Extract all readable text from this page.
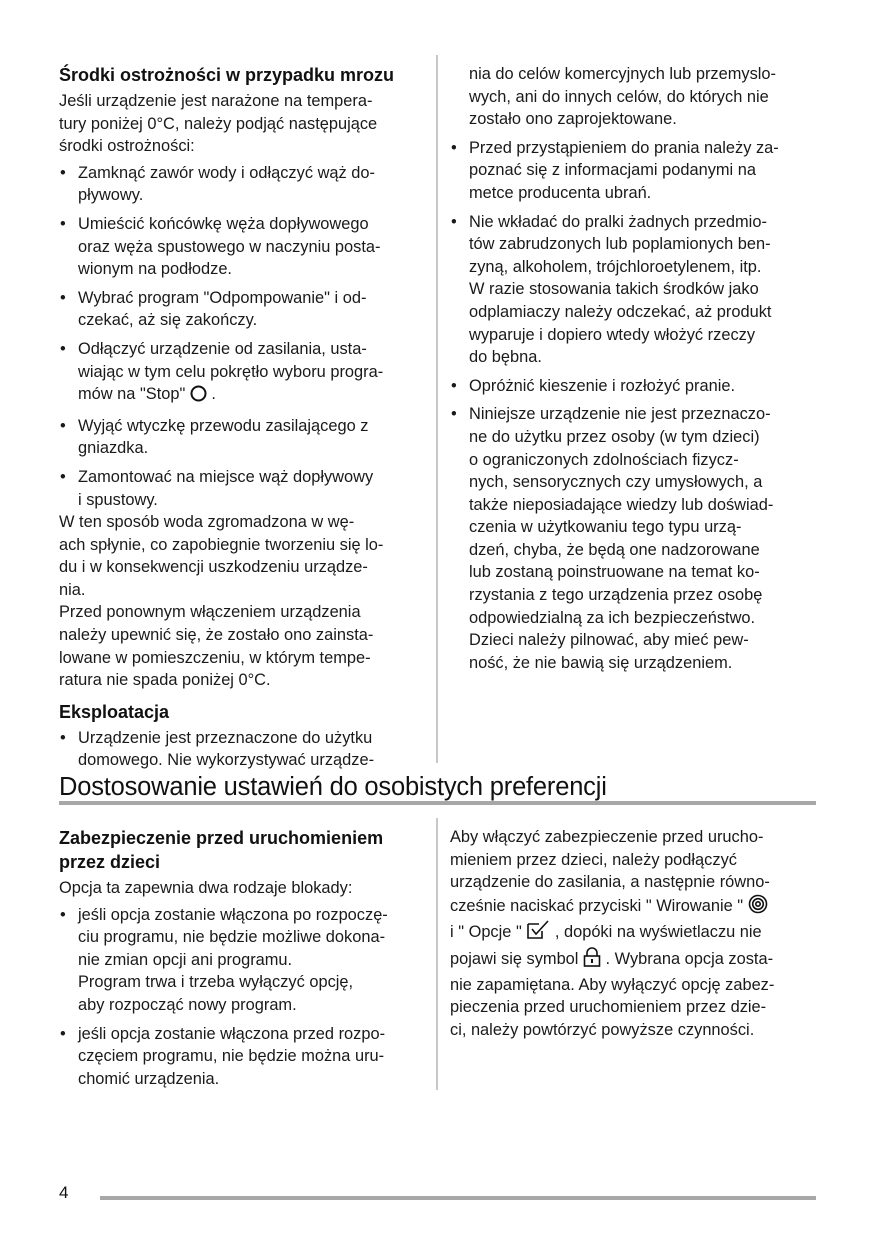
Środki ostrożności w przypadku mrozu

Jeśli urządzenie jest narażone na tempera-
tury poniżej 0°C, należy podjąć następujące
środki ostrożności:

• Zamknąć zawór wody i odłączyć wąż do-
pływowy.
• Umieścić końcówkę węża dopływowego
oraz węża spustowego w naczyniu posta-
wionym na podłodze.
• Wybrać program "Odpompowanie" i od-
czekać, aż się zakończy.
• Odłączyć urządzenie od zasilania, usta-
wiając w tym celu pokrętło wyboru progra-
mów na "Stop"  .
• Wyjąć wtyczkę przewodu zasilającego z
gniazdka.
• Zamontować na miejsce wąż dopływowy
i spustowy.

W ten sposób woda zgromadzona w wę-
ach spłynie, co zapobiegnie tworzeniu się lo-
du i w konsekwencji uszkodzeniu urządze-
nia.

Przed ponownym włączeniem urządzenia
należy upewnić się, że zostało ono zainsta-
lowane w pomieszczeniu, w którym tempe-
ratura nie spada poniżej 0°C.

Eksploatacja
• Urządzenie jest przeznaczone do użytku
domowego. Nie wykorzystywać urządze-
nia do celów komercyjnych lub przemyslo-
wych, ani do innych celów, do których nie
zostało ono zaprojektowane.
• Przed przystąpieniem do prania należy za-
poznać się z informacjami podanymi na
metce producenta ubrań.
• Nie wkładać do pralki żadnych przedmio-
tów zabrudzonych lub poplamionych ben-
zyną, alkoholem, trójchloroetylenem, itp.
W razie stosowania takich środków jako
odplamiaczy należy odczekać, aż produkt
wyparuje i dopiero wtedy włożyć rzeczy
do bębna.
• Opróżnić kieszenie i rozłożyć pranie.
• Niniejsze urządzenie nie jest przeznaczo-
ne do użytku przez osoby (w tym dzieci)
o ograniczonych zdolnościach fizycz-
nych, sensorycznych czy umysłowych, a
także nieposiadające wiedzy lub doświad-
czenia w użytkowaniu tego typu urzą-
dzeń, chyba, że będą one nadzorowane
lub zostaną poinstruowane na temat ko-
rzystania z tego urządzenia przez osobę
odpowiedzialną za ich bezpieczeństwo.
Dzieci należy pilnować, aby mieć pew-
ność, że nie bawią się urządzeniem.
Dostosowanie ustawień do osobistych preferencji
Zabezpieczenie przed uruchomieniem
przez dzieci

Opcja ta zapewnia dwa rodzaje blokady:

• jeśli opcja zostanie włączona po rozpoczę-
ciu programu, nie będzie możliwe dokona-
nie zmian opcji ani programu.
Program trwa i trzeba wyłączyć opcję,
aby rozpocząć nowy program.
• jeśli opcja zostanie włączona przed rozpo-
częciem programu, nie będzie można uru-
chomić urządzenia.

Aby włączyć zabezpieczenie przed urucho-
mieniem przez dzieci, należy podłączyć
urządzenie do zasilania, a następnie równo-
cześnie naciskać przyciski " Wirowanie "
i " Opcje "  , dopóki na wyświetlaczu nie
pojawi się symbol  . Wybrana opcja zosta-
nie zapamiętana. Aby wyłączyć opcję zabez-
pieczenia przed uruchomieniem przez dzie-
ci, należy powtórzyć powyższe czynności.

4
